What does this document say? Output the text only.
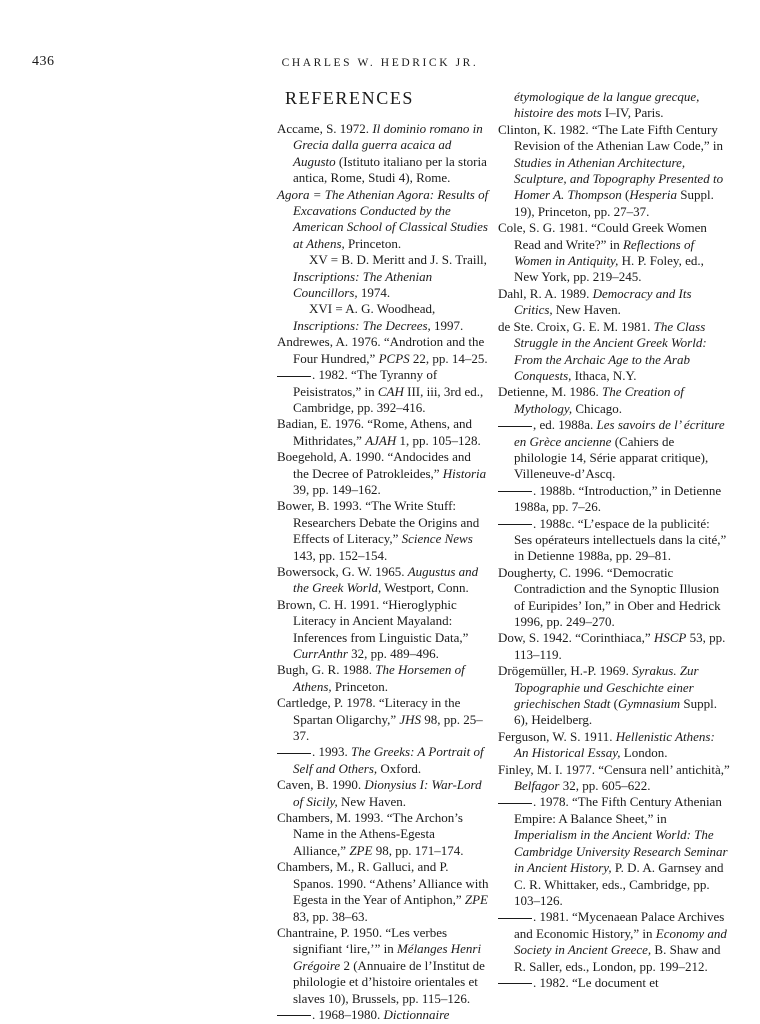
436	CHARLES W. HEDRICK JR.
REFERENCES

Accame, S. 1972. Il dominio romano in Grecia dalla guerra acaica ad Augusto (Istituto italiano per la storia antica, Rome, Studi 4), Rome.

Agora = The Athenian Agora: Results of Excavations Conducted by the American School of Classical Studies at Athens, Princeton.

XV = B. D. Meritt and J. S. Traill, Inscriptions: The Athenian Councillors, 1974.

XVI = A. G. Woodhead, Inscriptions: The Decrees, 1997.

Andrewes, A. 1976. “Androtion and the Four Hundred,” PCPS 22, pp. 14–25.

. 1982. “The Tyranny of Peisistratos,” in CAH III, iii, 3rd ed., Cambridge, pp. 392–416.

Badian, E. 1976. “Rome, Athens, and Mithridates,” AJAH 1, pp. 105–128.

Boegehold, A. 1990. “Andocides and the Decree of Patrokleides,” Historia 39, pp. 149–162.

Bower, B. 1993. “The Write Stuff: Researchers Debate the Origins and Effects of Literacy,” Science News 143, pp. 152–154.

Bowersock, G. W. 1965. Augustus and the Greek World, Westport, Conn.

Brown, C. H. 1991. “Hieroglyphic Literacy in Ancient Mayaland: Inferences from Linguistic Data,” CurrAnthr 32, pp. 489–496.

Bugh, G. R. 1988. The Horsemen of Athens, Princeton.

Cartledge, P. 1978. “Literacy in the Spartan Oligarchy,” JHS 98, pp. 25–37.

. 1993. The Greeks: A Portrait of Self and Others, Oxford.

Caven, B. 1990. Dionysius I: War-Lord of Sicily, New Haven.

Chambers, M. 1993. “The Archon’s Name in the Athens-Egesta Alliance,” ZPE 98, pp. 171–174.

Chambers, M., R. Galluci, and P. Spanos. 1990. “Athens’ Alliance with Egesta in the Year of Antiphon,” ZPE 83, pp. 38–63.

Chantraine, P. 1950. “Les verbes signifiant ‘lire,’” in Mélanges Henri Grégoire 2 (Annuaire de l’Institut de philologie et d’histoire orientales et slaves 10), Brussels, pp. 115–126.

. 1968–1980. Dictionnaire

étymologique de la langue grecque, histoire des mots I–IV, Paris.

Clinton, K. 1982. “The Late Fifth Century Revision of the Athenian Law Code,” in Studies in Athenian Architecture, Sculpture, and Topography Presented to Homer A. Thompson (Hesperia Suppl. 19), Princeton, pp. 27–37.

Cole, S. G. 1981. “Could Greek Women Read and Write?” in Reflections of Women in Antiquity, H. P. Foley, ed., New York, pp. 219–245.

Dahl, R. A. 1989. Democracy and Its Critics, New Haven.

de Ste. Croix, G. E. M. 1981. The Class Struggle in the Ancient Greek World: From the Archaic Age to the Arab Conquests, Ithaca, N.Y.

Detienne, M. 1986. The Creation of Mythology, Chicago.

, ed. 1988a. Les savoirs de l’ écriture en Grèce ancienne (Cahiers de philologie 14, Série apparat critique), Villeneuve-d’Ascq.

. 1988b. “Introduction,” in Detienne 1988a, pp. 7–26.

. 1988c. “L’espace de la publicité: Ses opérateurs intellectuels dans la cité,” in Detienne 1988a, pp. 29–81.

Dougherty, C. 1996. “Democratic Contradiction and the Synoptic Illusion of Euripides’ Ion,” in Ober and Hedrick 1996, pp. 249–270.

Dow, S. 1942. “Corinthiaca,” HSCP 53, pp. 113–119.

Drögemüller, H.-P. 1969. Syrakus. Zur Topographie und Geschichte einer griechischen Stadt (Gymnasium Suppl. 6), Heidelberg.

Ferguson, W. S. 1911. Hellenistic Athens: An Historical Essay, London.

Finley, M. I. 1977. “Censura nell’ antichità,” Belfagor 32, pp. 605–622.

. 1978. “The Fifth Century Athenian Empire: A Balance Sheet,” in Imperialism in the Ancient World: The Cambridge University Research Seminar in Ancient History, P. D. A. Garnsey and C. R. Whittaker, eds., Cambridge, pp. 103–126.

. 1981. “Mycenaean Palace Archives and Economic History,” in Economy and Society in Ancient Greece, B. Shaw and R. Saller, eds., London, pp. 199–212.

. 1982. “Le document et
